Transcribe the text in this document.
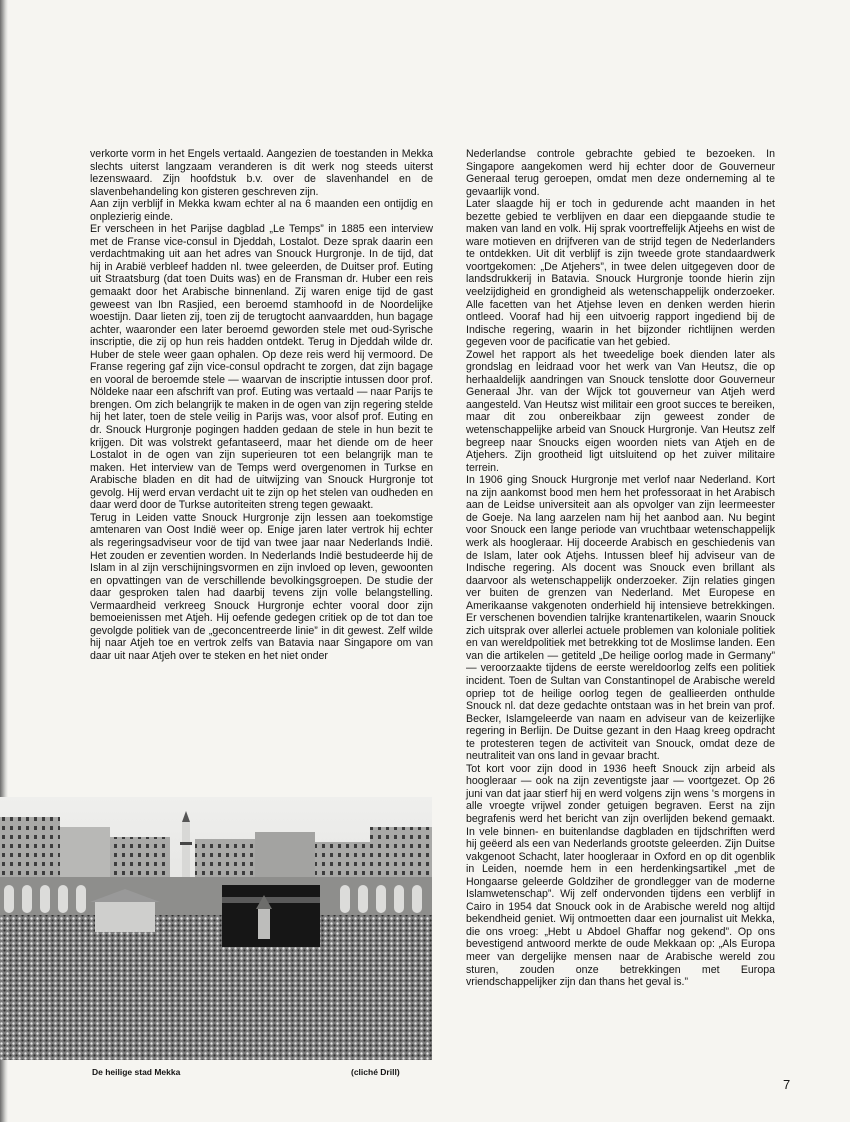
verkorte vorm in het Engels vertaald. Aangezien de toestanden in Mekka slechts uiterst langzaam veranderen is dit werk nog steeds uiterst lezenswaard. Zijn hoofdstuk b.v. over de slavenhandel en de slavenbehandeling kon gisteren geschreven zijn.

Aan zijn verblijf in Mekka kwam echter al na 6 maanden een ontijdig en onplezierig einde.

Er verscheen in het Parijse dagblad „Le Temps” in 1885 een interview met de Franse vice-consul in Djeddah, Lostalot. Deze sprak daarin een verdachtmaking uit aan het adres van Snouck Hurgronje. In de tijd, dat hij in Arabië verbleef hadden nl. twee geleerden, de Duitser prof. Euting uit Straatsburg (dat toen Duits was) en de Fransman dr. Huber een reis gemaakt door het Arabische binnenland. Zij waren enige tijd de gast geweest van Ibn Rasjied, een beroemd stamhoofd in de Noordelijke woestijn. Daar lieten zij, toen zij de terugtocht aanvaardden, hun bagage achter, waaronder een later beroemd geworden stele met oud-Syrische inscriptie, die zij op hun reis hadden ontdekt. Terug in Djeddah wilde dr. Huber de stele weer gaan ophalen. Op deze reis werd hij vermoord. De Franse regering gaf zijn vice-consul opdracht te zorgen, dat zijn bagage en vooral de beroemde stele — waarvan de inscriptie intussen door prof. Nöldeke naar een afschrift van prof. Euting was vertaald — naar Parijs te brengen. Om zich belangrijk te maken in de ogen van zijn regering stelde hij het later, toen de stele veilig in Parijs was, voor alsof prof. Euting en dr. Snouck Hurgronje pogingen hadden gedaan de stele in hun bezit te krijgen. Dit was volstrekt gefantaseerd, maar het diende om de heer Lostalot in de ogen van zijn superieuren tot een belangrijk man te maken. Het interview van de Temps werd overgenomen in Turkse en Arabische bladen en dit had de uitwijzing van Snouck Hurgronje tot gevolg. Hij werd ervan verdacht uit te zijn op het stelen van oudheden en daar werd door de Turkse autoriteiten streng tegen gewaakt.

Terug in Leiden vatte Snouck Hurgronje zijn lessen aan toekomstige amtenaren van Oost Indië weer op. Enige jaren later vertrok hij echter als regeringsadviseur voor de tijd van twee jaar naar Nederlands Indië. Het zouden er zeventien worden. In Nederlands Indië bestudeerde hij de Islam in al zijn verschijningsvormen en zijn invloed op leven, gewoonten en opvattingen van de verschillende bevolkingsgroepen. De studie der daar gesproken talen had daarbij tevens zijn volle belangstelling. Vermaardheid verkreeg Snouck Hurgronje echter vooral door zijn bemoeienissen met Atjeh. Hij oefende gedegen critiek op de tot dan toe gevolgde politiek van de „geconcentreerde linie” in dit gewest. Zelf wilde hij naar Atjeh toe en vertrok zelfs van Batavia naar Singapore om van daar uit naar Atjeh over te steken en het niet onder

Nederlandse controle gebrachte gebied te bezoeken. In Singapore aangekomen werd hij echter door de Gouverneur Generaal terug geroepen, omdat men deze onderneming al te gevaarlijk vond.

Later slaagde hij er toch in gedurende acht maanden in het bezette gebied te verblijven en daar een diepgaande studie te maken van land en volk. Hij sprak voortreffelijk Atjeehs en wist de ware motieven en drijfveren van de strijd tegen de Nederlanders te ontdekken. Uit dit verblijf is zijn tweede grote standaardwerk voortgekomen: „De Atjehers”, in twee delen uitgegeven door de landsdrukkerij in Batavia. Snouck Hurgronje toonde hierin zijn veelzijdigheid en grondigheid als wetenschappelijk onderzoeker. Alle facetten van het Atjehse leven en denken werden hierin ontleed. Vooraf had hij een uitvoerig rapport ingediend bij de Indische regering, waarin in het bijzonder richtlijnen werden gegeven voor de pacificatie van het gebied.

Zowel het rapport als het tweedelige boek dienden later als grondslag en leidraad voor het werk van Van Heutsz, die op herhaaldelijk aandringen van Snouck tenslotte door Gouverneur Generaal Jhr. van der Wijck tot gouverneur van Atjeh werd aangesteld. Van Heutsz wist militair een groot succes te bereiken, maar dit zou onbereikbaar zijn geweest zonder de wetenschappelijke arbeid van Snouck Hurgronje. Van Heutsz zelf begreep naar Snoucks eigen woorden niets van Atjeh en de Atjehers. Zijn grootheid ligt uitsluitend op het zuiver militaire terrein.

In 1906 ging Snouck Hurgronje met verlof naar Nederland. Kort na zijn aankomst bood men hem het professoraat in het Arabisch aan de Leidse universiteit aan als opvolger van zijn leermeester de Goeje. Na lang aarzelen nam hij het aanbod aan. Nu begint voor Snouck een lange periode van vruchtbaar wetenschappelijk werk als hoogleraar. Hij doceerde Arabisch en geschiedenis van de Islam, later ook Atjehs. Intussen bleef hij adviseur van de Indische regering. Als docent was Snouck even brillant als daarvoor als wetenschappelijk onderzoeker. Zijn relaties gingen ver buiten de grenzen van Nederland. Met Europese en Amerikaanse vakgenoten onderhield hij intensieve betrekkingen. Er verschenen bovendien talrijke krantenartikelen, waarin Snouck zich uitsprak over allerlei actuele problemen van koloniale politiek en van wereldpolitiek met betrekking tot de Moslimse landen. Een van die artikelen — getiteld „De heilige oorlog made in Germany” — veroorzaakte tijdens de eerste wereldoorlog zelfs een politiek incident. Toen de Sultan van Constantinopel de Arabische wereld opriep tot de heilige oorlog tegen de geallieerden onthulde Snouck nl. dat deze gedachte ontstaan was in het brein van prof. Becker, Islamgeleerde van naam en adviseur van de keizerlijke regering in Berlijn. De Duitse gezant in den Haag kreeg opdracht te protesteren tegen de activiteit van Snouck, omdat deze de neutraliteit van ons land in gevaar bracht.

Tot kort voor zijn dood in 1936 heeft Snouck zijn arbeid als hoogleraar — ook na zijn zeventigste jaar — voortgezet. Op 26 juni van dat jaar stierf hij en werd volgens zijn wens 's morgens in alle vroegte vrijwel zonder getuigen begraven. Eerst na zijn begrafenis werd het bericht van zijn overlijden bekend gemaakt. In vele binnen- en buitenlandse dagbladen en tijdschriften werd hij geëerd als een van Nederlands grootste geleerden. Zijn Duitse vakgenoot Schacht, later hoogleraar in Oxford en op dit ogenblik in Leiden, noemde hem in een herdenkingsartikel „met de Hongaarse geleerde Goldziher de grondlegger van de moderne Islamwetenschap”. Wij zelf ondervonden tijdens een verblijf in Cairo in 1954 dat Snouck ook in de Arabische wereld nog altijd bekendheid geniet. Wij ontmoetten daar een journalist uit Mekka, die ons vroeg: „Hebt u Abdoel Ghaffar nog gekend”. Op ons bevestigend antwoord merkte de oude Mekkaan op: „Als Europa meer van dergelijke mensen naar de Arabische wereld zou sturen, zouden onze betrekkingen met Europa vriendschappelijker zijn dan thans het geval is.”

De heilige stad Mekka	(cliché Drill)
7
